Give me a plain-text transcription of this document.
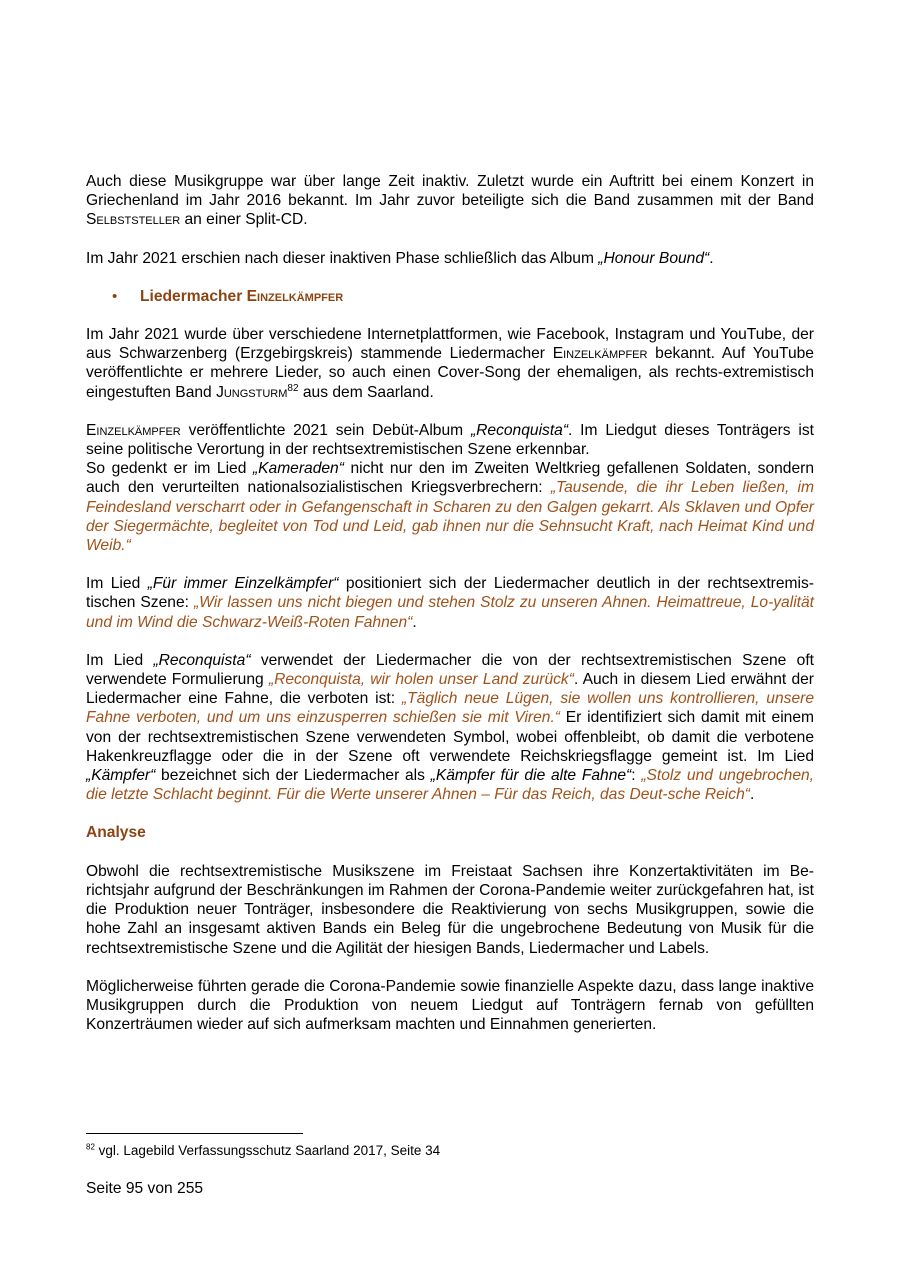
Auch diese Musikgruppe war über lange Zeit inaktiv. Zuletzt wurde ein Auftritt bei einem Konzert in Griechenland im Jahr 2016 bekannt. Im Jahr zuvor beteiligte sich die Band zusammen mit der Band Selbststeller an einer Split-CD.

Im Jahr 2021 erschien nach dieser inaktiven Phase schließlich das Album „Honour Bound“.

•	Liedermacher Einzelkämpfer

Im Jahr 2021 wurde über verschiedene Internetplattformen, wie Facebook, Instagram und YouTube, der aus Schwarzenberg (Erzgebirgskreis) stammende Liedermacher Einzelkämpfer bekannt. Auf YouTube veröffentlichte er mehrere Lieder, so auch einen Cover-Song der ehemaligen, als rechts-extremistisch eingestuften Band Jungsturm$^{82}$ aus dem Saarland.

Einzelkämpfer veröffentlichte 2021 sein Debüt-Album „Reconquista“. Im Liedgut dieses Tonträgers ist seine politische Verortung in der rechtsextremistischen Szene erkennbar.

So gedenkt er im Lied „Kameraden“ nicht nur den im Zweiten Weltkrieg gefallenen Soldaten, sondern auch den verurteilten nationalsozialistischen Kriegsverbrechern: „Tausende, die ihr Leben ließen, im Feindesland verscharrt oder in Gefangenschaft in Scharen zu den Galgen gekarrt. Als Sklaven und Opfer der Siegermächte, begleitet von Tod und Leid, gab ihnen nur die Sehnsucht Kraft, nach Heimat Kind und Weib.“

Im Lied „Für immer Einzelkämpfer“ positioniert sich der Liedermacher deutlich in der rechtsextremis-tischen Szene: „Wir lassen uns nicht biegen und stehen Stolz zu unseren Ahnen. Heimattreue, Lo-yalität und im Wind die Schwarz-Weiß-Roten Fahnen“.

Im Lied „Reconquista“ verwendet der Liedermacher die von der rechtsextremistischen Szene oft verwendete Formulierung „Reconquista, wir holen unser Land zurück“. Auch in diesem Lied erwähnt der Liedermacher eine Fahne, die verboten ist: „Täglich neue Lügen, sie wollen uns kontrollieren, unsere Fahne verboten, und um uns einzusperren schießen sie mit Viren.“ Er identifiziert sich damit mit einem von der rechtsextremistischen Szene verwendeten Symbol, wobei offenbleibt, ob damit die verbotene Hakenkreuzflagge oder die in der Szene oft verwendete Reichskriegsflagge gemeint ist. Im Lied „Kämpfer“ bezeichnet sich der Liedermacher als „Kämpfer für die alte Fahne“: „Stolz und ungebrochen, die letzte Schlacht beginnt. Für die Werte unserer Ahnen – Für das Reich, das Deut-sche Reich“.

Analyse

Obwohl die rechtsextremistische Musikszene im Freistaat Sachsen ihre Konzertaktivitäten im Be-richtsjahr aufgrund der Beschränkungen im Rahmen der Corona-Pandemie weiter zurückgefahren hat, ist die Produktion neuer Tonträger, insbesondere die Reaktivierung von sechs Musikgruppen, sowie die hohe Zahl an insgesamt aktiven Bands ein Beleg für die ungebrochene Bedeutung von Musik für die rechtsextremistische Szene und die Agilität der hiesigen Bands, Liedermacher und Labels.

Möglicherweise führten gerade die Corona-Pandemie sowie finanzielle Aspekte dazu, dass lange inaktive Musikgruppen durch die Produktion von neuem Liedgut auf Tonträgern fernab von gefüllten Konzerträumen wieder auf sich aufmerksam machten und Einnahmen generierten.

$^{82}$ vgl. Lagebild Verfassungsschutz Saarland 2017, Seite 34
Seite 95 von 255
